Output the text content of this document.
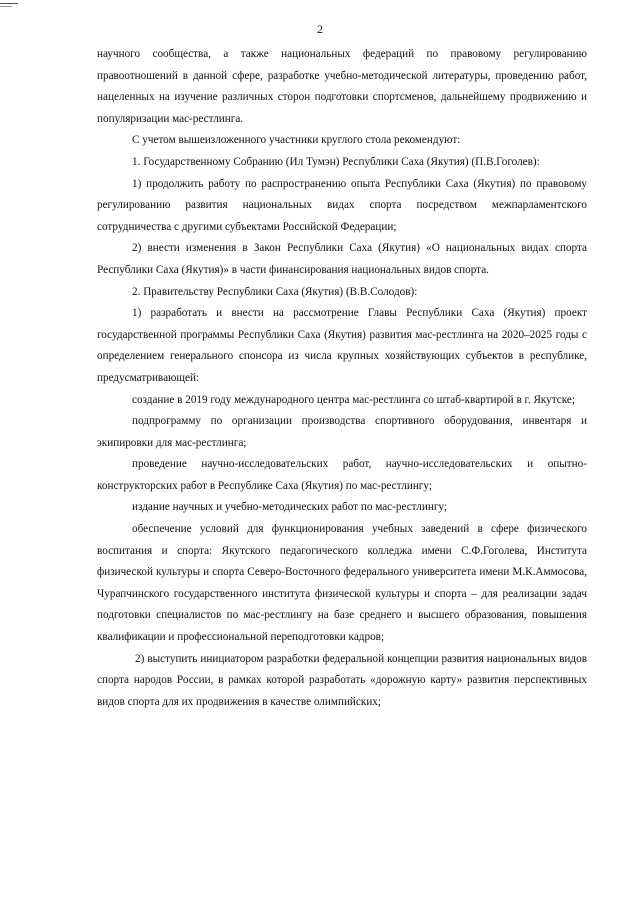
2

научного сообщества, а также национальных федераций по правовому регулированию правоотношений в данной сфере, разработке учебно-методической литературы, проведению работ, нацеленных на изучение различных сторон подготовки спортсменов, дальнейшему продвижению и популяризации мас-рестлинга.

С учетом вышеизложенного участники круглого стола рекомендуют:

1. Государственному Собранию (Ил Тумэн) Республики Саха (Якутия) (П.В.Гоголев):

1) продолжить работу по распространению опыта Республики Саха (Якутия) по правовому регулированию развития национальных видах спорта посредством межпарламентского сотрудничества с другими субъектами Российской Федерации;

2) внести изменения в Закон Республики Саха (Якутия) «О национальных видах спорта Республики Саха (Якутия)» в части финансирования национальных видов спорта.

2. Правительству Республики Саха (Якутия) (В.В.Солодов):

1) разработать и внести на рассмотрение Главы Республики Саха (Якутия) проект государственной программы Республики Саха (Якутия) развития мас-рестлинга на 2020–2025 годы с определением генерального спонсора из числа крупных хозяйствующих субъектов в республике, предусматривающей:

создание в 2019 году международного центра мас-рестлинга со штаб-квартирой в г. Якутске;

подпрограмму по организации производства спортивного оборудования, инвентаря и экипировки для мас-рестлинга;

проведение научно-исследовательских работ, научно-исследовательских и опытно-конструкторских работ в Республике Саха (Якутия) по мас-рестлингу;

издание научных и учебно-методических работ по мас-рестлингу;

обеспечение условий для функционирования учебных заведений в сфере физического воспитания и спорта: Якутского педагогического колледжа имени С.Ф.Гоголева, Института физической культуры и спорта Северо-Восточного федерального университета имени М.К.Аммосова, Чурапчинского государственного института физической культуры и спорта – для реализации задач подготовки специалистов по мас-рестлингу на базе среднего и высшего образования, повышения квалификации и профессиональной переподготовки кадров;

2) выступить инициатором разработки федеральной концепции развития национальных видов спорта народов России, в рамках которой разработать «дорожную карту» развития перспективных видов спорта для их продвижения в качестве олимпийских;
